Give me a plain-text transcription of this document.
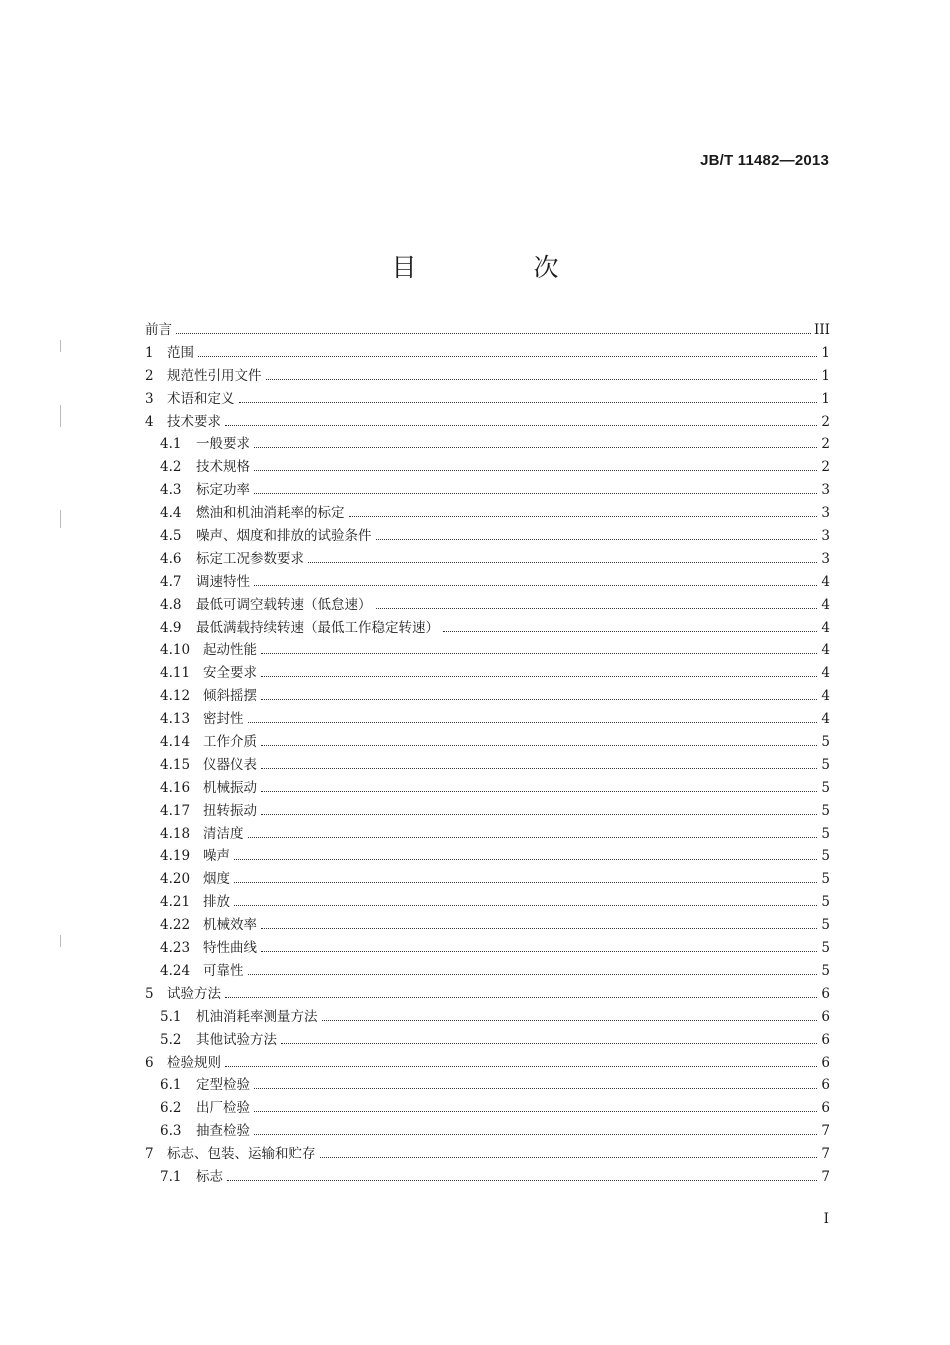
JB/T 11482—2013
目　次
前言	III
1 范围	1
2 规范性引用文件	1
3 术语和定义	1
4 技术要求	2
4.1	一般要求	2
4.2	技术规格	2
4.3	标定功率	3
4.4	燃油和机油消耗率的标定	3
4.5	噪声、烟度和排放的试验条件	3
4.6	标定工况参数要求	3
4.7	调速特性	4
4.8	最低可调空载转速（低怠速）	4
4.9	最低满载持续转速（最低工作稳定转速）	4
4.10 起动性能	4
4.11 安全要求	4
4.12 倾斜摇摆	4
4.13 密封性	4
4.14 工作介质	5
4.15 仪器仪表	5
4.16 机械振动	5
4.17 扭转振动	5
4.18 清洁度	5
4.19 噪声	5
4.20 烟度	5
4.21 排放	5
4.22 机械效率	5
4.23 特性曲线	5
4.24 可靠性	5
5 试验方法	6
5.1	机油消耗率测量方法	6
5.2	其他试验方法	6
6 检验规则	6
6.1	定型检验	6
6.2	出厂检验	6
6.3	抽查检验	7
7 标志、包装、运输和贮存	7
7.1	标志	7
I
